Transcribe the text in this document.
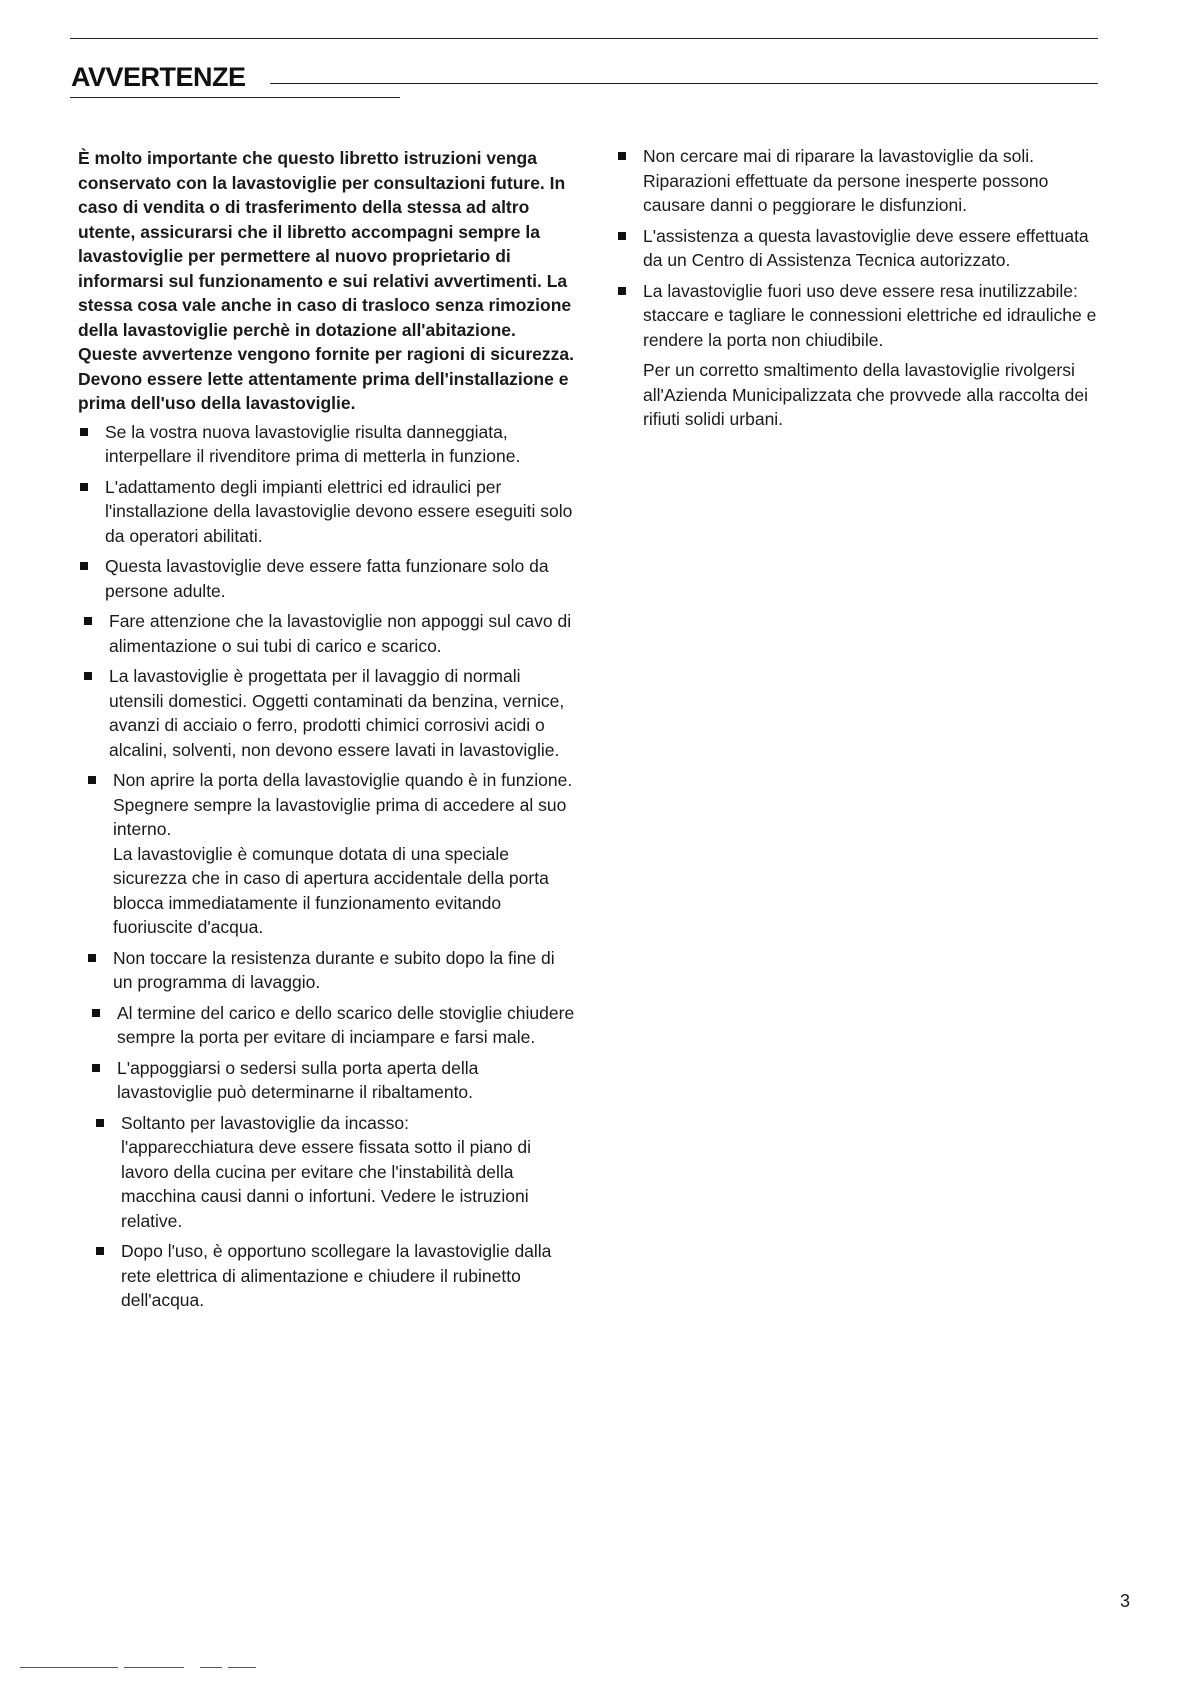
AVVERTENZE

È molto importante che questo libretto istruzioni venga conservato con la lavastoviglie per consultazioni future. In caso di vendita o di trasferimento della stessa ad altro utente, assicurarsi che il libretto accompagni sempre la lavastoviglie per permettere al nuovo proprietario di informarsi sul funzionamento e sui relativi avvertimenti. La stessa cosa vale anche in caso di trasloco senza rimozione della lavastoviglie perchè in dotazione all'abitazione. Queste avvertenze vengono fornite per ragioni di sicurezza. Devono essere lette attentamente prima dell'installazione e prima dell'uso della lavastoviglie.

Se la vostra nuova lavastoviglie risulta danneggiata, interpellare il rivenditore prima di metterla in funzione.

L'adattamento degli impianti elettrici ed idraulici per l'installazione della lavastoviglie devono essere eseguiti solo da operatori abilitati.

Questa lavastoviglie deve essere fatta funzionare solo da persone adulte.

Fare attenzione che la lavastoviglie non appoggi sul cavo di alimentazione o sui tubi di carico e scarico.

La lavastoviglie è progettata per il lavaggio di normali utensili domestici. Oggetti contaminati da benzina, vernice, avanzi di acciaio o ferro, prodotti chimici corrosivi acidi o alcalini, solventi, non devono essere lavati in lavastoviglie.

Non aprire la porta della lavastoviglie quando è in funzione. Spegnere sempre la lavastoviglie prima di accedere al suo interno.

La lavastoviglie è comunque dotata di una speciale sicurezza che in caso di apertura accidentale della porta blocca immediatamente il funzionamento evitando fuoriuscite d'acqua.

Non toccare la resistenza durante e subito dopo la fine di un programma di lavaggio.

Al termine del carico e dello scarico delle stoviglie chiudere sempre la porta per evitare di inciampare e farsi male.

L'appoggiarsi o sedersi sulla porta aperta della lavastoviglie può determinarne il ribaltamento.

Soltanto per lavastoviglie da incasso:

l'apparecchiatura deve essere fissata sotto il piano di lavoro della cucina per evitare che l'instabilità della macchina causi danni o infortuni. Vedere le istruzioni relative.

Dopo l'uso, è opportuno scollegare la lavastoviglie dalla rete elettrica di alimentazione e chiudere il rubinetto dell'acqua.

Non cercare mai di riparare la lavastoviglie da soli. Riparazioni effettuate da persone inesperte possono causare danni o peggiorare le disfunzioni.

L'assistenza a questa lavastoviglie deve essere effettuata da un Centro di Assistenza Tecnica autorizzato.

La lavastoviglie fuori uso deve essere resa inutilizzabile: staccare e tagliare le connessioni elettriche ed idrauliche e rendere la porta non chiudibile.

Per un corretto smaltimento della lavastoviglie rivolgersi all'Azienda Municipalizzata che provvede alla raccolta dei rifiuti solidi urbani.

3
